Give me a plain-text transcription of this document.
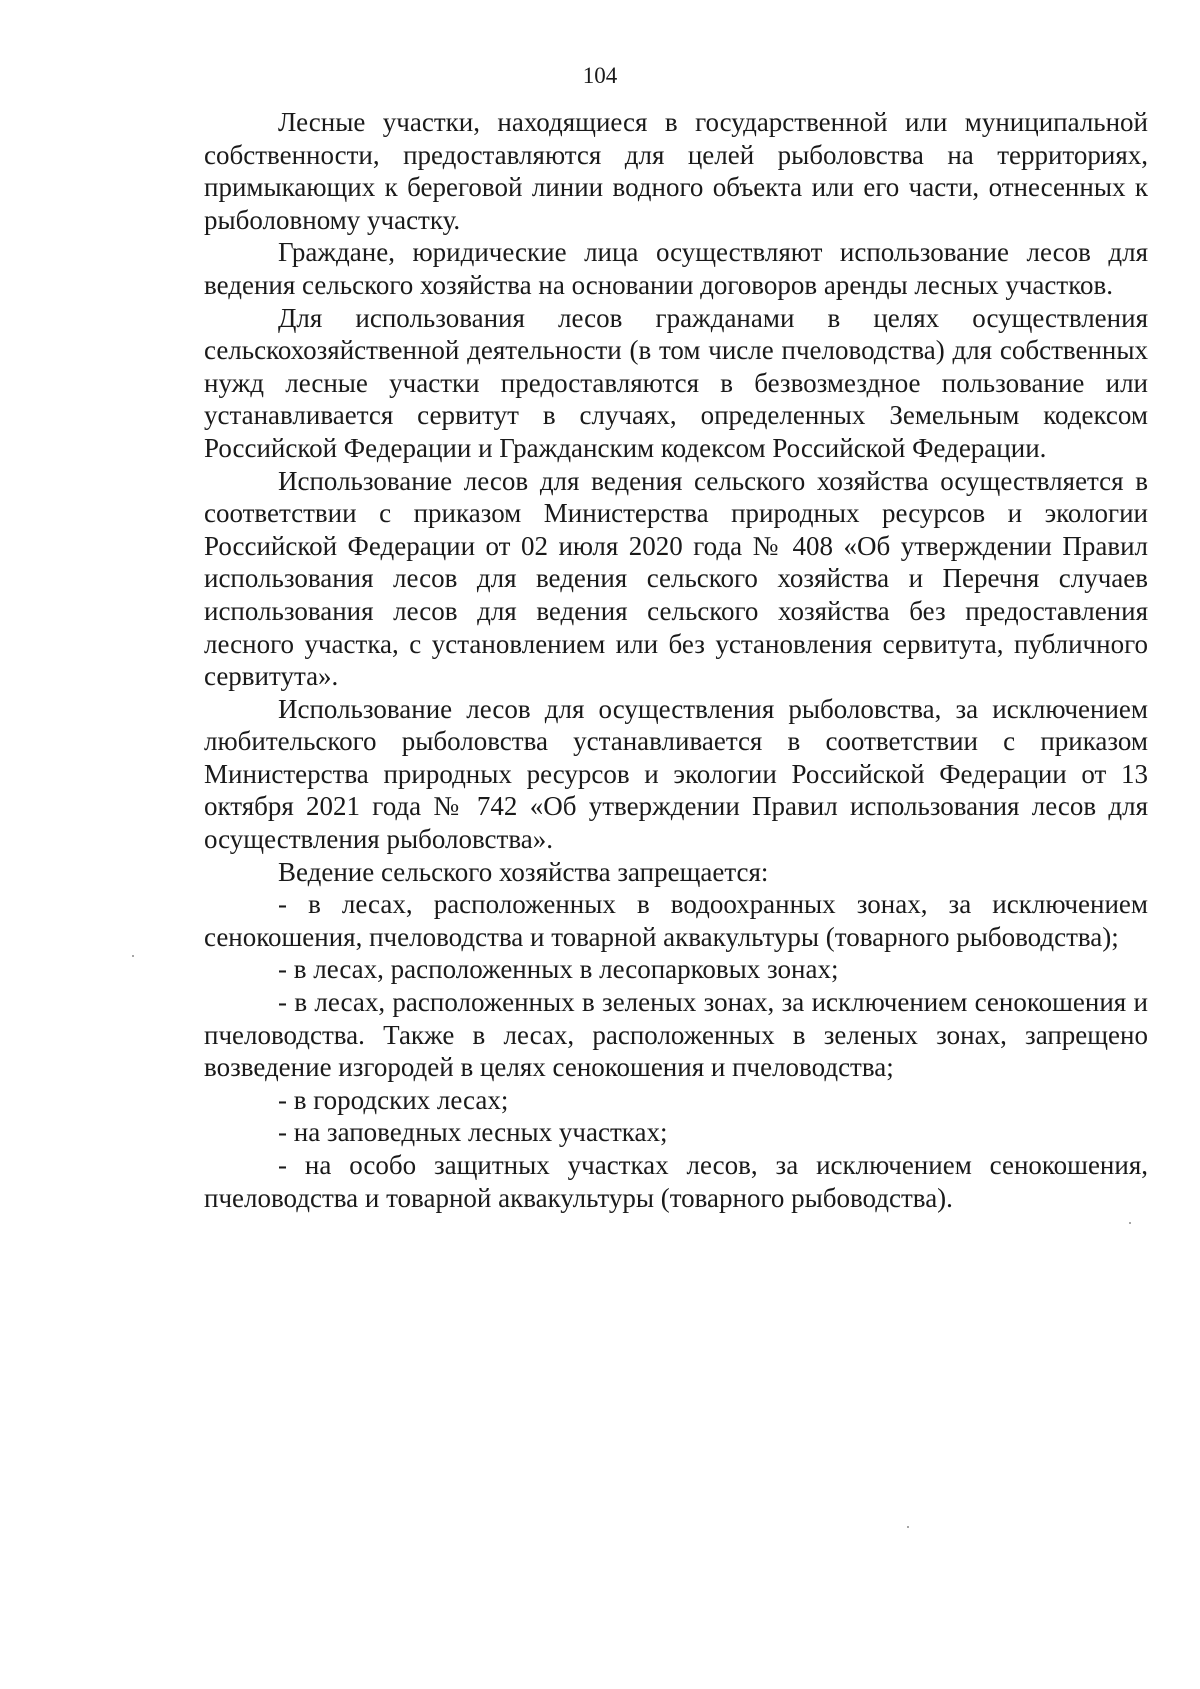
104

Лесные участки, находящиеся в государственной или муниципальной собственности, предоставляются для целей рыболовства на территориях, примыкающих к береговой линии водного объекта или его части, отнесенных к рыболовному участку.

Граждане, юридические лица осуществляют использование лесов для ведения сельского хозяйства на основании договоров аренды лесных участков.

Для использования лесов гражданами в целях осуществления сельскохозяйственной деятельности (в том числе пчеловодства) для собственных нужд лесные участки предоставляются в безвозмездное пользование или устанавливается сервитут в случаях, определенных Земельным кодексом Российской Федерации и Гражданским кодексом Российской Федерации.

Использование лесов для ведения сельского хозяйства осуществляется в соответствии с приказом Министерства природных ресурсов и экологии Российской Федерации от 02 июля 2020 года № 408 «Об утверждении Правил использования лесов для ведения сельского хозяйства и Перечня случаев использования лесов для ведения сельского хозяйства без предоставления лесного участка, с установлением или без установления сервитута, публичного сервитута».

Использование лесов для осуществления рыболовства, за исключением любительского рыболовства устанавливается в соответствии с приказом Министерства природных ресурсов и экологии Российской Федерации от 13 октября 2021 года № 742 «Об утверждении Правил использования лесов для осуществления рыболовства».

Ведение сельского хозяйства запрещается:

- в лесах, расположенных в водоохранных зонах, за исключением сенокошения, пчеловодства и товарной аквакультуры (товарного рыбоводства);

- в лесах, расположенных в лесопарковых зонах;

- в лесах, расположенных в зеленых зонах, за исключением сенокошения и пчеловодства. Также в лесах, расположенных в зеленых зонах, запрещено возведение изгородей в целях сенокошения и пчеловодства;

- в городских лесах;

- на заповедных лесных участках;

- на особо защитных участках лесов, за исключением сенокошения, пчеловодства и товарной аквакультуры (товарного рыбоводства).
